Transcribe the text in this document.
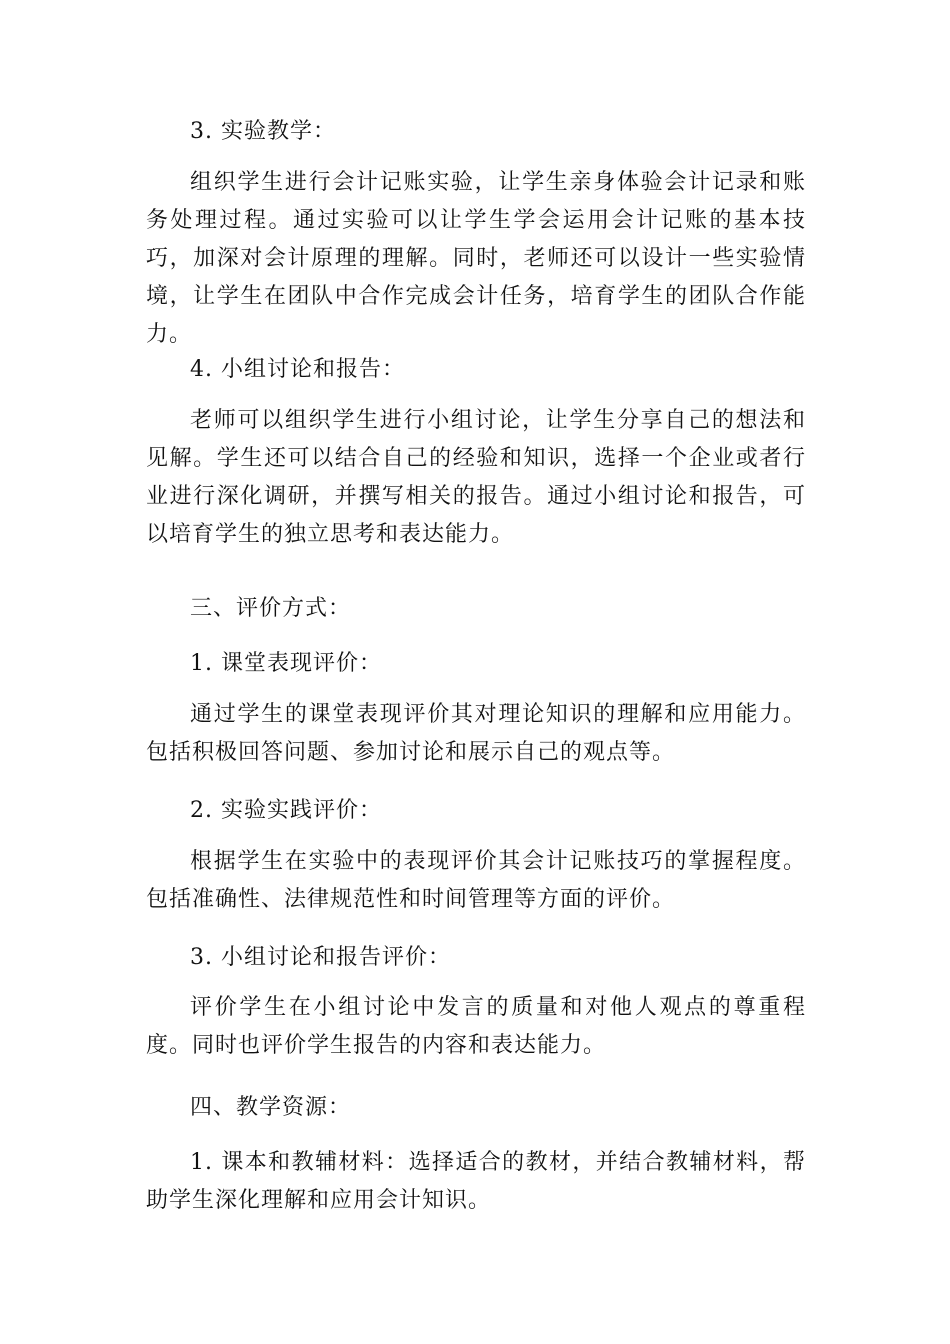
3. 实验教学：

组织学生进行会计记账实验，让学生亲身体验会计记录和账务处理过程。通过实验可以让学生学会运用会计记账的基本技巧，加深对会计原理的理解。同时，老师还可以设计一些实验情境，让学生在团队中合作完成会计任务，培育学生的团队合作能力。

4. 小组讨论和报告：

老师可以组织学生进行小组讨论，让学生分享自己的想法和见解。学生还可以结合自己的经验和知识，选择一个企业或者行业进行深化调研，并撰写相关的报告。通过小组讨论和报告，可以培育学生的独立思考和表达能力。

三、评价方式：

1. 课堂表现评价：

通过学生的课堂表现评价其对理论知识的理解和应用能力。包括积极回答问题、参加讨论和展示自己的观点等。

2. 实验实践评价：

根据学生在实验中的表现评价其会计记账技巧的掌握程度。包括准确性、法律规范性和时间管理等方面的评价。

3. 小组讨论和报告评价：

评价学生在小组讨论中发言的质量和对他人观点的尊重程度。同时也评价学生报告的内容和表达能力。

四、教学资源：

1. 课本和教辅材料：选择适合的教材，并结合教辅材料，帮助学生深化理解和应用会计知识。
